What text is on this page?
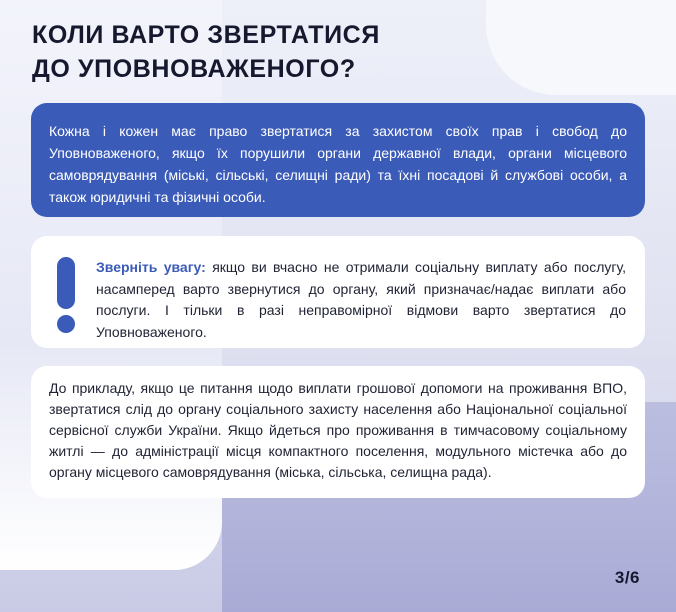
КОЛИ ВАРТО ЗВЕРТАТИСЯ
ДО УПОВНОВАЖЕНОГО?
Кожна і кожен має право звертатися за захистом своїх прав і свобод до Уповноваженого, якщо їх порушили органи державної влади, органи місцевого самоврядування (міські, сільські, селищні ради) та їхні посадові й службові особи, а також юридичні та фізичні особи.
Зверніть увагу: якщо ви вчасно не отримали соціальну виплату або послугу, насамперед варто звернутися до органу, який призначає/надає виплати або послуги. І тільки в разі неправомірної відмови варто звертатися до Уповноваженого.
До прикладу, якщо це питання щодо виплати грошової допомоги на проживання ВПО, звертатися слід до органу соціального захисту населення або Національної соціальної сервісної служби України. Якщо йдеться про проживання в тимчасовому соціальному житлі — до адміністрації місця компактного поселення, модульного містечка або до органу місцевого самоврядування (міська, сільська, селищна рада).
3/6
